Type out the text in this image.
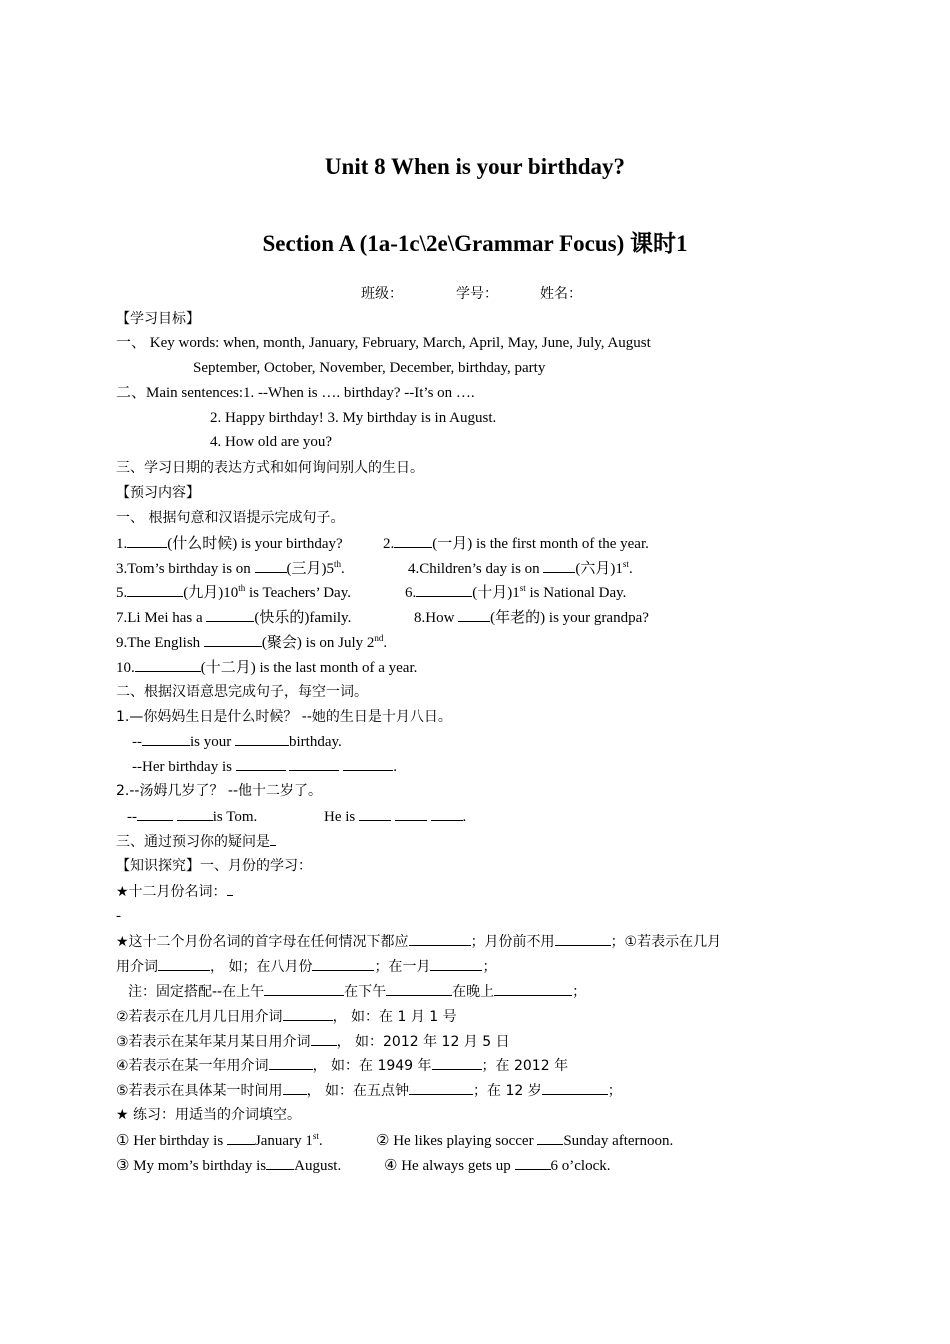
Unit 8 When is your birthday?
Section A (1a-1c\2e\Grammar Focus) 课时1
班级：	学号：	姓名：
【学习目标】
一、 Key words: when, month, January, February, March, April, May, June, July, August
September, October, November, December, birthday, party
二、Main sentences:1. --When is …. birthday? --It’s on ….
2. Happy birthday! 3. My birthday is in August.
4. How old are you?
三、学习日期的表达方式和如何询问别人的生日。
【预习内容】
一、 根据句意和汉语提示完成句子。
1.	(什么时候) is your birthday?	2.	(一月) is the first month of the year.
3.Tom’s birthday is on (三月)5th.	4.Children’s day is on (六月)1st.
5.	(九月)10th is Teachers’ Day.	6.	(十月)1st is National Day.
7.Li Mei has a	(快乐的)family.	8.How (年老的) is your grandpa?
9.The English	(聚会) is on July 2nd.
10.	(十二月) is the last month of a year.
二、根据汉语意思完成句子，每空一词。
1.—你妈妈生日是什么时候？ --她的生日是十月八日。
--	is your	birthday.
--Her birthday is	.
2.--汤姆几岁了？ --他十二岁了。
--	is Tom.	He is	.
三、通过预习你的疑问是
【知识探究】一、月份的学习：
★十二月份名词：
-
★这十二个月份名词的首字母在任何情况下都应	；月份前不用	；①若表示在几月
用介词	， 如；在八月份	；在一月	；
注：固定搭配--在上午	在下午	在晚上	；
②若表示在几月几日用介词	， 如：在 1 月 1 号
③若表示在某年某月某日用介词 ， 如：2012 年 12 月 5 日
④若表示在某一年用介词	， 如：在 1949 年	；在 2012 年
⑤若表示在具体某一时间用 ， 如：在五点钟	；在 12 岁	；
★ 练习：用适当的介词填空。
① Her birthday is January 1st.	② He likes playing soccer Sunday afternoon.
③ My mom’s birthday is August.	④ He always gets up	6 o’clock.
